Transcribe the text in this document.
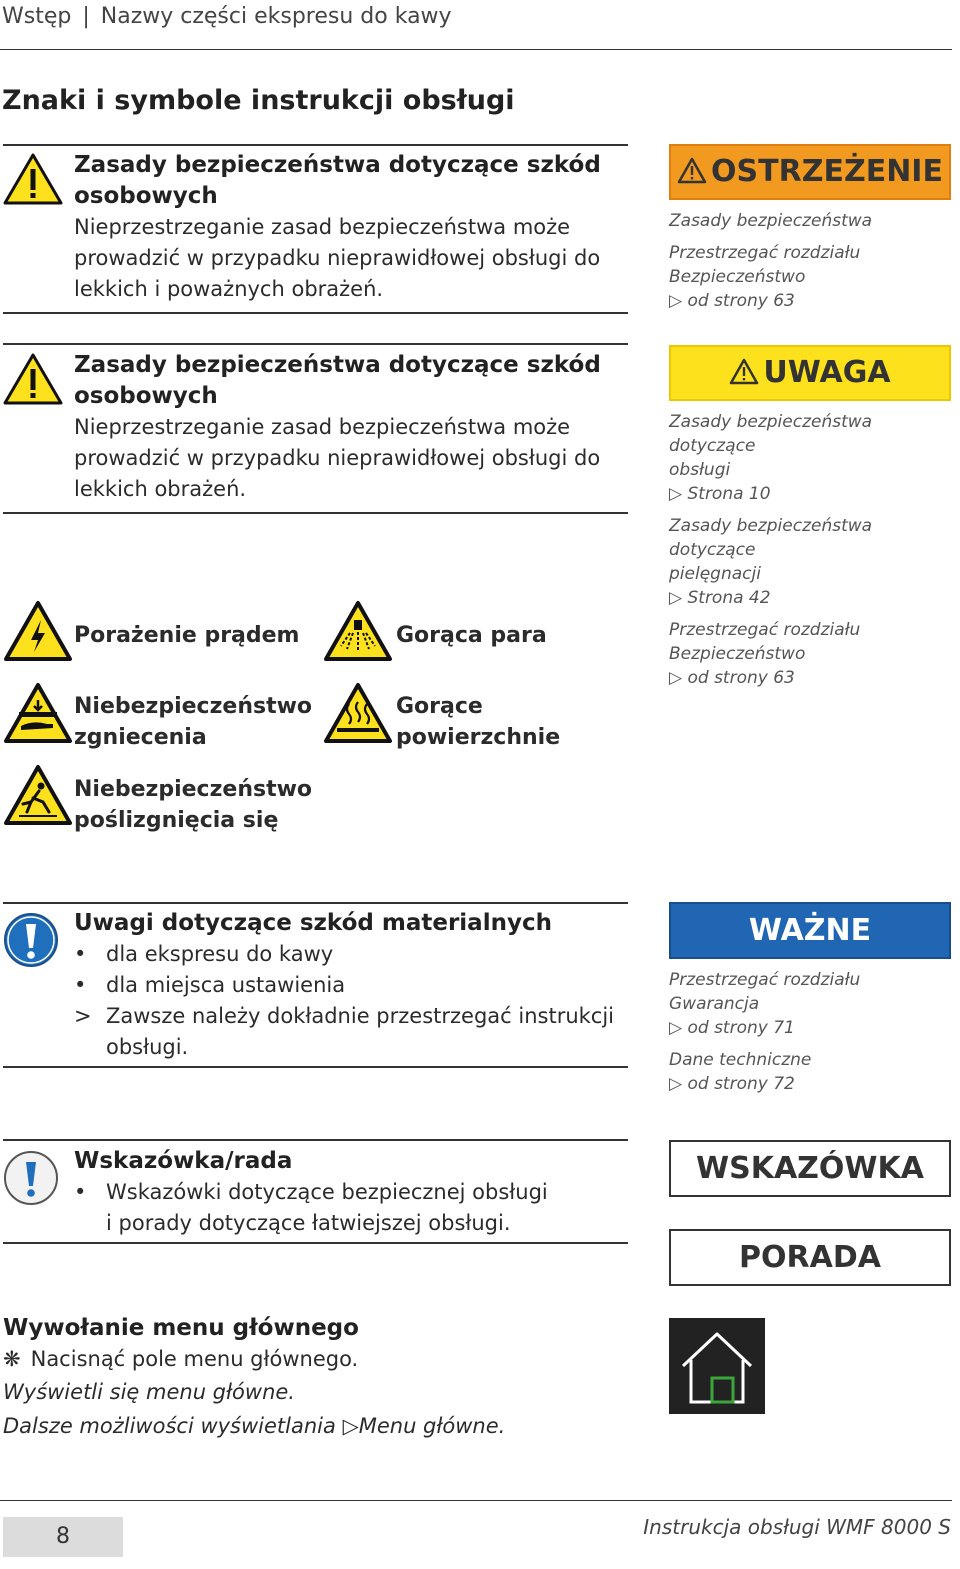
Wstęp | Nazwy części ekspresu do kawy
Znaki i symbole instrukcji obsługi
Zasady bezpieczeństwa dotyczące szkód
osobowych
Nieprzestrzeganie zasad bezpieczeństwa może
prowadzić w przypadku nieprawidłowej obsługi do
lekkich i poważnych obrażeń.
OSTRZEŻENIE
Zasady bezpieczeństwa
Przestrzegać rozdziału
Bezpieczeństwo
▷ od strony 63
Zasady bezpieczeństwa dotyczące szkód
osobowych
Nieprzestrzeganie zasad bezpieczeństwa może
prowadzić w przypadku nieprawidłowej obsługi do
lekkich obrażeń.
UWAGA
Zasady bezpieczeństwa dotyczące
obsługi
▷ Strona 10
Zasady bezpieczeństwa dotyczące
pielęgnacji
▷ Strona 42
Przestrzegać rozdziału
Bezpieczeństwo
▷ od strony 63
Porażenie prądem	Gorąca para
Niebezpieczeństwo
zgniecenia
Gorące
powierzchnie
Niebezpieczeństwo
poślizgnięcia się
Uwagi dotyczące szkód materialnych
• dla ekspresu do kawy
• dla miejsca ustawienia
> Zawsze należy dokładnie przestrzegać instrukcji
obsługi.
WAŻNE
Przestrzegać rozdziału Gwarancja
▷ od strony 71
Dane techniczne
▷ od strony 72
Wskazówka/rada
• Wskazówki dotyczące bezpiecznej obsługi
i porady dotyczące łatwiejszej obsługi.
WSKAZÓWKA
PORADA
Wywołanie menu głównego
❋ Nacisnąć pole menu głównego.
Wyświetli się menu główne.
Dalsze możliwości wyświetlania ▷Menu główne.
8	Instrukcja obsługi WMF 8000 S
